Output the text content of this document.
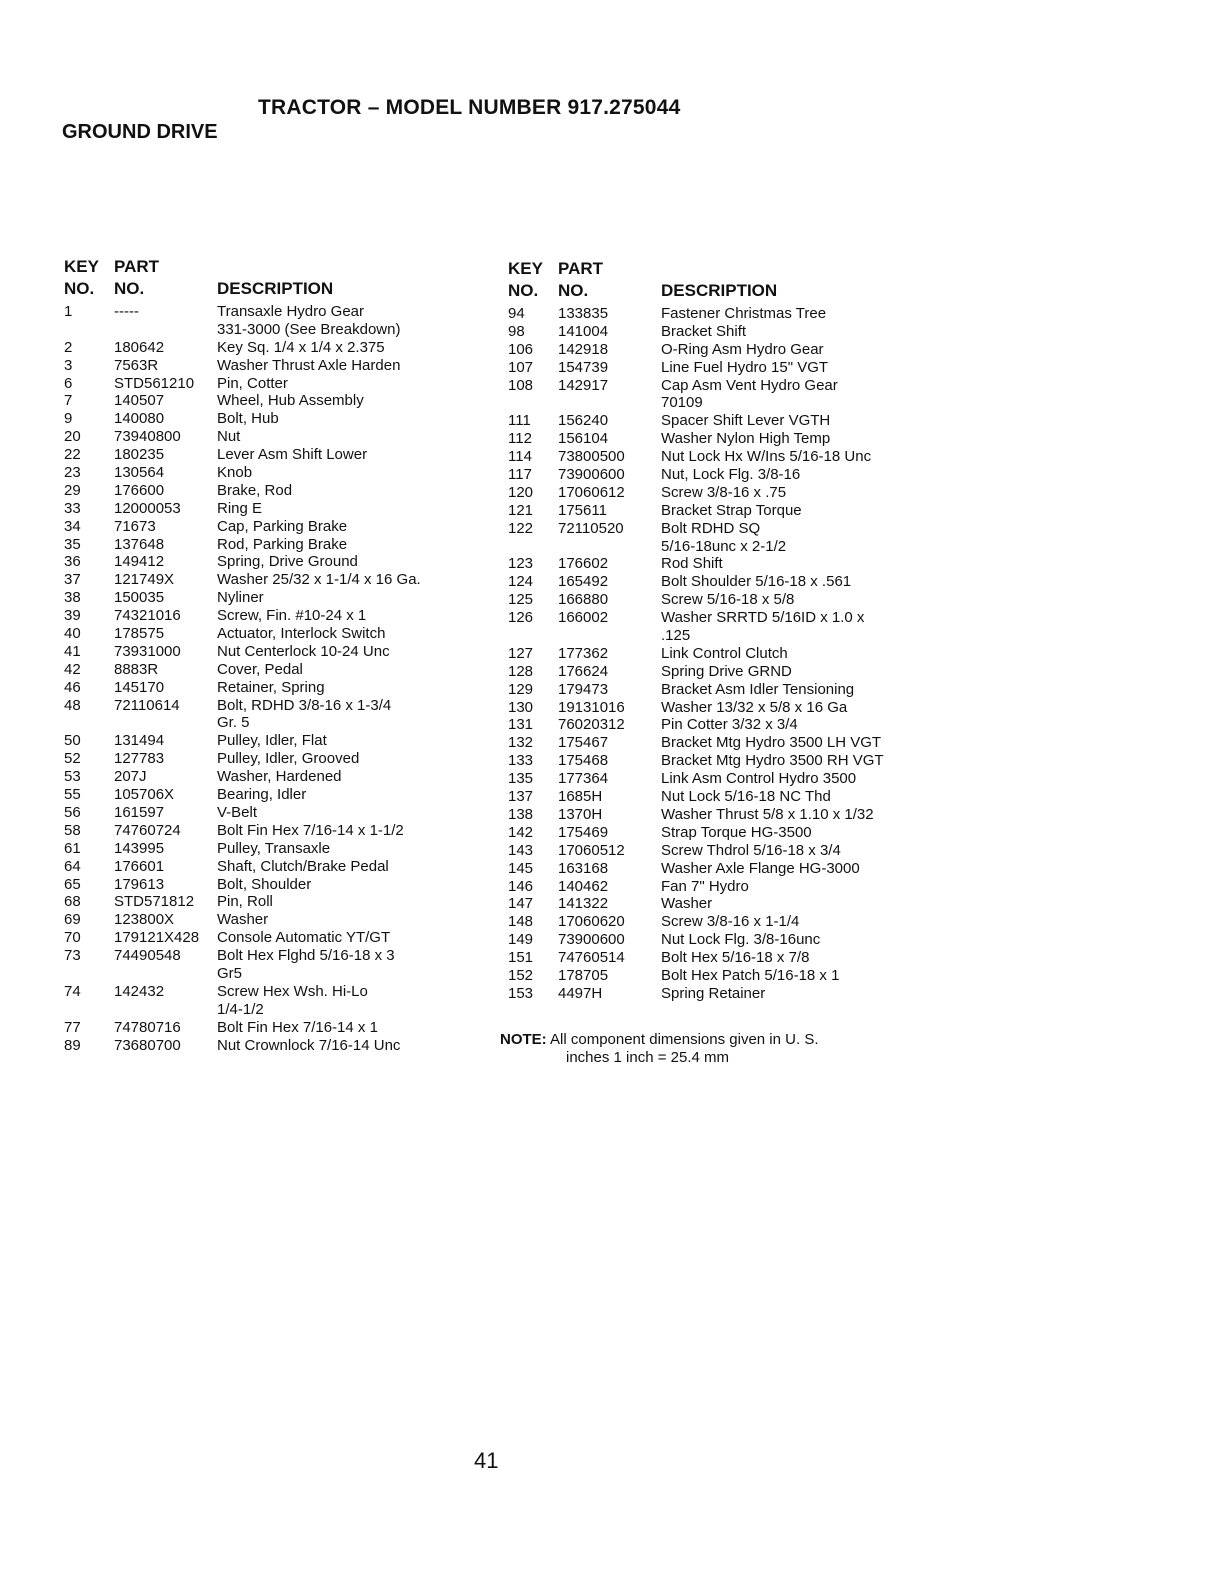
TRACTOR – MODEL NUMBER 917.275044
GROUND DRIVE
KEY PART
NO. NO.	DESCRIPTION
1	-----	Transaxle Hydro Gear
331-3000 (See Breakdown)
2	180642	Key Sq. 1/4 x 1/4 x 2.375
3	7563R	Washer Thrust Axle Harden
6	STD561210 Pin, Cotter
7	140507	Wheel, Hub Assembly
9	140080	Bolt, Hub
20 73940800 Nut
22 180235	Lever Asm Shift Lower
23 130564	Knob
29 176600	Brake, Rod
33 12000053 Ring E
34 71673	Cap, Parking Brake
35 137648	Rod, Parking Brake
36 149412	Spring, Drive Ground
37 121749X	Washer 25/32 x 1-1/4 x 16 Ga.
38 150035	Nyliner
39 74321016 Screw, Fin. #10-24 x 1
40 178575	Actuator, Interlock Switch
41 73931000 Nut Centerlock 10-24 Unc
42 8883R	Cover, Pedal
46 145170	Retainer, Spring
48 72110614 Bolt, RDHD 3/8-16 x 1-3/4
Gr. 5
50 131494	Pulley, Idler, Flat
52 127783	Pulley, Idler, Grooved
53 207J	Washer, Hardened
55 105706X	Bearing, Idler
56 161597	V-Belt
58 74760724 Bolt Fin Hex 7/16-14 x 1-1/2
61 143995	Pulley, Transaxle
64 176601	Shaft, Clutch/Brake Pedal
65 179613	Bolt, Shoulder
68 STD571812 Pin, Roll
69 123800X	Washer
70 179121X428 Console Automatic YT/GT
73 74490548 Bolt Hex Flghd 5/16-18 x 3
Gr5
74 142432	Screw Hex Wsh. Hi-Lo
1/4-1/2
77 74780716 Bolt Fin Hex 7/16-14 x 1
89 73680700 Nut Crownlock 7/16-14 Unc
KEY PART
NO. NO.	DESCRIPTION
94 133835	Fastener Christmas Tree
98 141004	Bracket Shift
106 142918	O-Ring Asm Hydro Gear
107 154739	Line Fuel Hydro 15" VGT
108 142917	Cap Asm Vent Hydro Gear
70109
111 156240	Spacer Shift Lever VGTH
112 156104	Washer Nylon High Temp
114 73800500 Nut Lock Hx W/Ins 5/16-18 Unc
117 73900600 Nut, Lock Flg. 3/8-16
120 17060612 Screw 3/8-16 x .75
121 175611	Bracket Strap Torque
122 72110520 Bolt RDHD SQ
5/16-18unc x 2-1/2
123 176602	Rod Shift
124 165492	Bolt Shoulder 5/16-18 x .561
125 166880	Screw 5/16-18 x 5/8
126 166002	Washer SRRTD 5/16ID x 1.0 x
.125
127 177362	Link Control Clutch
128 176624	Spring Drive GRND
129 179473	Bracket Asm Idler Tensioning
130 19131016 Washer 13/32 x 5/8 x 16 Ga
131 76020312 Pin Cotter 3/32 x 3/4
132 175467	Bracket Mtg Hydro 3500 LH VGT
133 175468	Bracket Mtg Hydro 3500 RH VGT
135 177364	Link Asm Control Hydro 3500
137 1685H	Nut Lock 5/16-18 NC Thd
138 1370H	Washer Thrust 5/8 x 1.10 x 1/32
142 175469	Strap Torque HG-3500
143 17060512 Screw Thdrol 5/16-18 x 3/4
145 163168	Washer Axle Flange HG-3000
146 140462	Fan 7" Hydro
147 141322	Washer
148 17060620 Screw 3/8-16 x 1-1/4
149 73900600 Nut Lock Flg. 3/8-16unc
151 74760514 Bolt Hex 5/16-18 x 7/8
152 178705	Bolt Hex Patch 5/16-18 x 1
153 4497H	Spring Retainer
NOTE: All component dimensions given in U. S.
inches 1 inch = 25.4 mm
41
